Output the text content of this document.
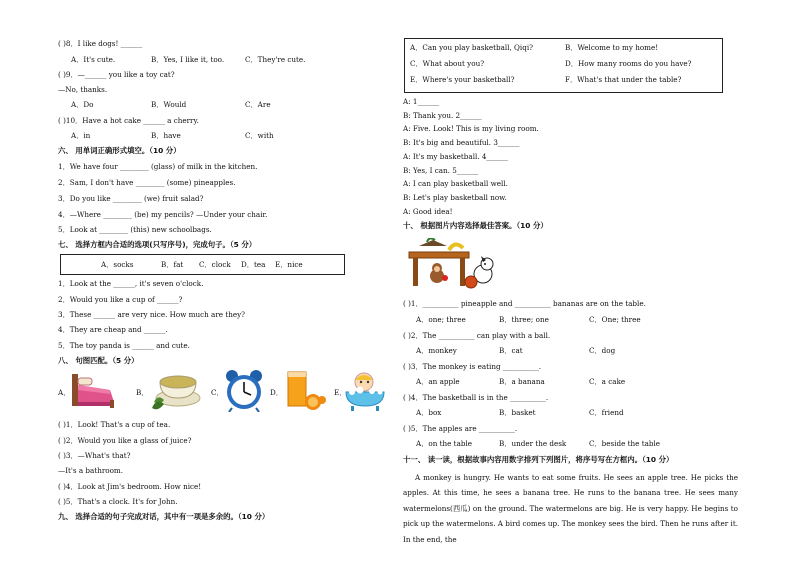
( )8．I like dogs! ______
A．It's cute.	B．Yes, I like it, too.	C．They're cute.
( )9．—______ you like a toy cat?
—No, thanks.
A．Do	B．Would	C．Are
( )10．Have a hot cake ______ a cherry.
A．in	B．have	C．with
六、 用单词正确形式填空。（10 分）
1．We have four ________ (glass) of milk in the kitchen.
2．Sam, I don't have ________ (some) pineapples.
3．Do you like ________ (we) fruit salad?
4．—Where ________ (be) my pencils? —Under your chair.
5．Look at ________ (this) new schoolbags.
七、 选择方框内合适的选项(只写序号)，完成句子。（5 分）
A．socks	B．fat C．clock D．tea E．nice
1．Look at the ______, it's seven o'clock.
2．Would you like a cup of ______?
3．These ______ are very nice. How much are they?
4．They are cheap and ______.
5．The toy panda is ______ and cute.
八、 句图匹配。（5 分）
A．	B．	C．	D．	E．
( )1．Look! That's a cup of tea.
( )2．Would you like a glass of juice?
( )3．—What's that?
—It's a bathroom.
( )4．Look at Jim's bedroom. How nice!
( )5．That's a clock. It's for John.
九、 选择合适的句子完成对话，其中有一项是多余的。（10 分）
A．Can you play basketball, Qiqi?	B．Welcome to my home!
C．What about you?	D．How many rooms do you have?
E．Where's your basketball?	F．What's that under the table?
A: 1______
B: Thank you. 2______
A: Five. Look! This is my living room.
B: It's big and beautiful. 3______
A: It's my basketball. 4______
B: Yes, I can. 5______
A: I can play basketball well.
B: Let's play basketball now.
A: Good idea!
十、 根据图片内容选择最佳答案。（10 分）
( )1．__________ pineapple and __________ bananas are on the table.
A．one; three	B．three; one	C．One; three
( )2．The __________ can play with a ball.
A．monkey	B．cat	C．dog
( )3．The monkey is eating __________.
A．an apple	B．a banana	C．a cake
( )4．The basketball is in the __________.
A．box	B．basket	C．friend
( )5．The apples are __________.
A．on the table	B．under the desk	C．beside the table
十一、 读一读，根据故事内容用数字排列下列图片，将序号写在方框内。（10 分）
A monkey is hungry. He wants to eat some fruits. He sees an apple tree. He picks the apples. At this time, he sees a banana tree. He runs to the banana tree. He sees many watermelons(西瓜) on the ground. The watermelons are big. He is very happy. He begins to pick up the watermelons. A bird comes up. The monkey sees the bird. Then he runs after it. In the end, the
